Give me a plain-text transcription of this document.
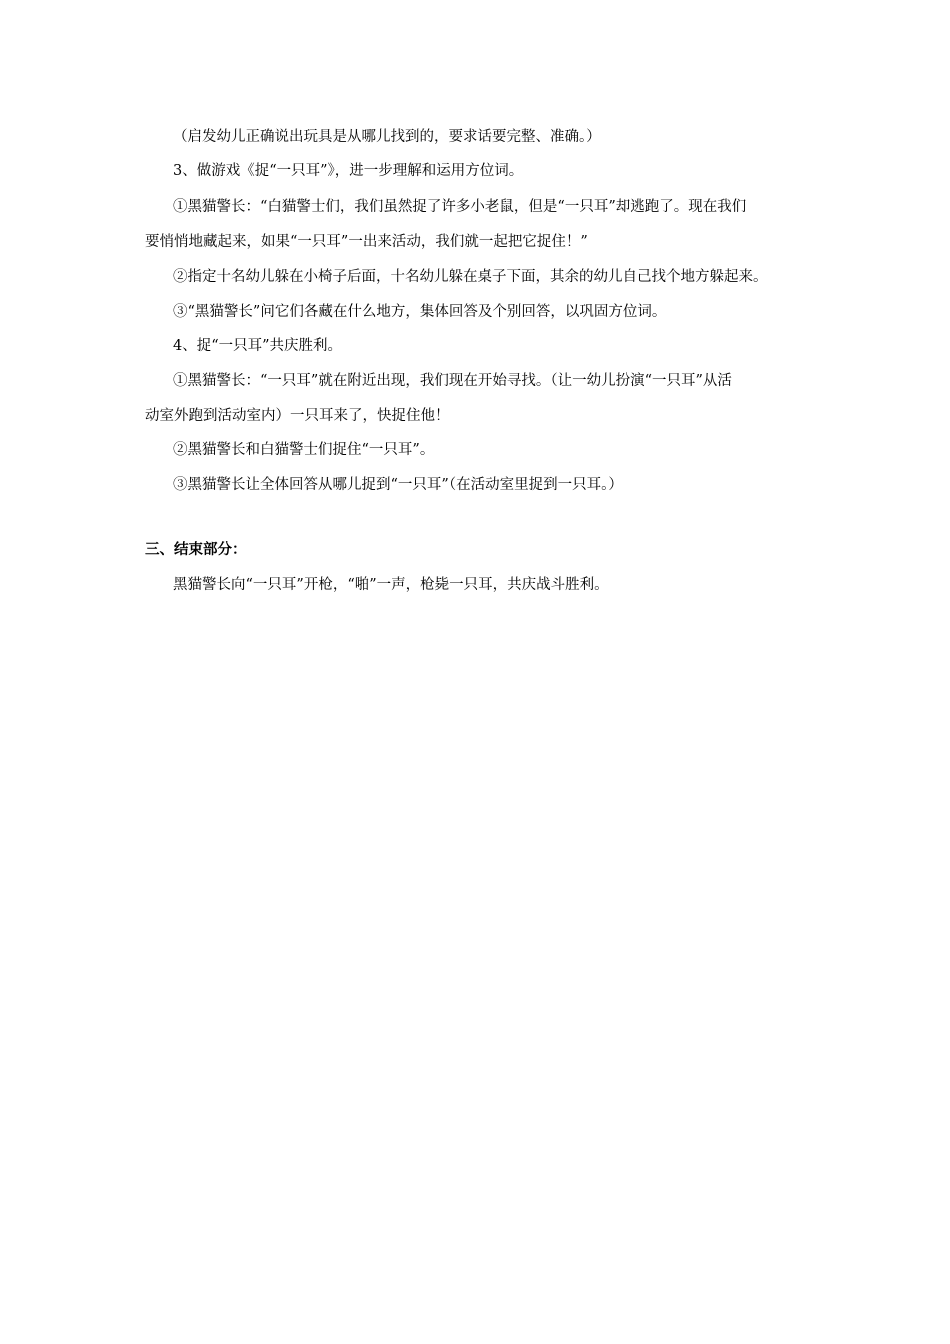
（启发幼儿正确说出玩具是从哪儿找到的，要求话要完整、准确。）
3、做游戏《捉“一只耳”》，进一步理解和运用方位词。
①黑猫警长：“白猫警士们，我们虽然捉了许多小老鼠，但是“一只耳”却逃跑了。现在我们
要悄悄地藏起来，如果“一只耳”一出来活动，我们就一起把它捉住！”
②指定十名幼儿躲在小椅子后面，十名幼儿躲在桌子下面，其余的幼儿自己找个地方躲起来。
③“黑猫警长”问它们各藏在什么地方，集体回答及个别回答，以巩固方位词。
4、捉“一只耳”共庆胜利。
①黑猫警长：“一只耳”就在附近出现，我们现在开始寻找。（让一幼儿扮演“一只耳”从活
动室外跑到活动室内）一只耳来了，快捉住他！
②黑猫警长和白猫警士们捉住“一只耳”。
③黑猫警长让全体回答从哪儿捉到“一只耳”（在活动室里捉到一只耳。）
三、结束部分：
黑猫警长向“一只耳”开枪，“啪”一声，枪毙一只耳，共庆战斗胜利。
